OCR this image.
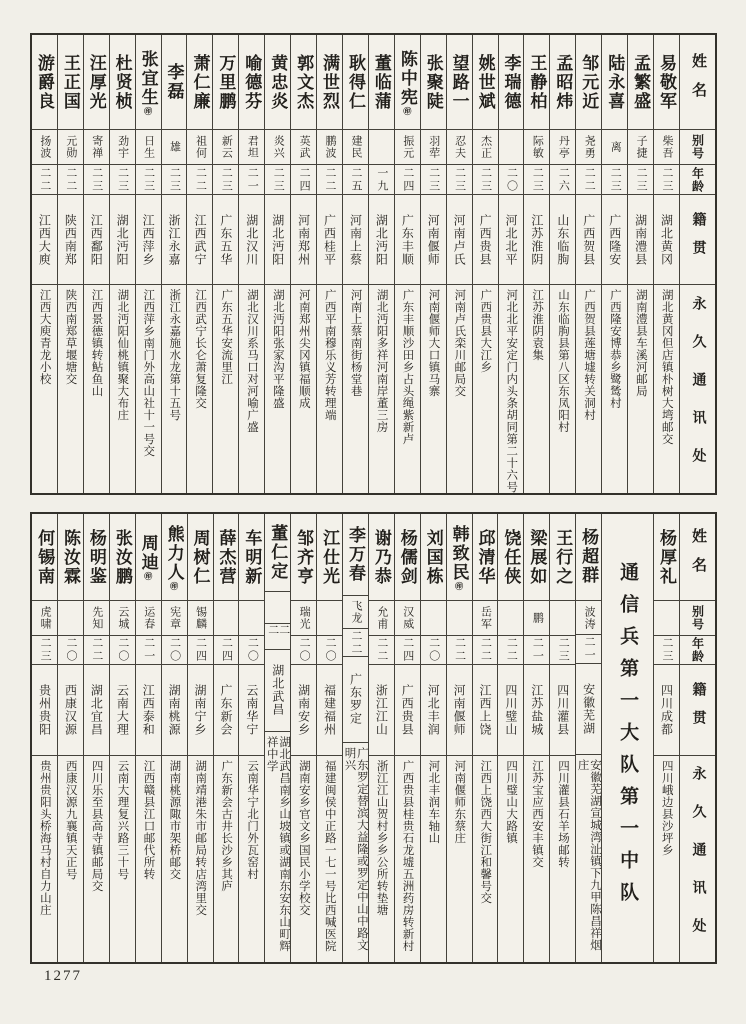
姓名
别号
年龄
籍贯
永久通讯处
易敬军
柴吾
二三
湖北黄冈
湖北黄冈但店镇朴树大塆邮交
孟繁盛
子捷
二三
湖南澧县
湖南澧县车溪河邮局
陆永喜
离
二三
广西隆安
广西隆安博恭乡鹭鸶村
邹元近
尧勇
二二
广西贺县
广西贺县莲塘墟转关洞村
孟昭炜
丹亭
二六
山东临朐
山东临朐县第八区东凤阳村
王静柏
际敏
二三
江苏淮阴
江苏淮阴袁集
李瑞德
二〇
河北北平
河北北平安定门内头条胡同第二十六号
姚世斌
杰正
二三
广西贵县
广西贵县大江乡
望路一
忍夫
二三
河南卢氏
河南卢氏栾川邮局交
张聚陡
羽荦
二三
河南偃师
河南偃师大口镇马寨
陈中宪㊞
振元
二四
广东丰顺
广东丰顺沙田乡占头绳紫新卢
董临蒲
一九
湖北沔阳
湖北沔阳多祥河南岸董三房
耿得仁
建民
二五
河南上蔡
河南上蔡南街杨堂巷
满世烈
鹏波
二二
广西桂平
广西平南穆乐义芳转理端
郭文杰
英武
二四
河南郑州
河南郑州尖冈镇福顺成
黄忠炎
炎兴
二三
湖北沔阳
湖北沔阳张家沟平隆盛
喻德芬
君坦
二一
湖北汉川
湖北汉川系马口对河喻广盛
万里鹏
新云
二三
广东五华
广东五华安流里江
萧仁廉
祖何
二二
江西武宁
江西武宁长仑萧复隆交
李磊
雄
二三
浙江永嘉
浙江永嘉施水龙第十五号
张宜生㊞
日生
二三
江西萍乡
江西萍乡南门外高山社十一号交
杜贤桢
劲宇
二三
湖北沔阳
湖北沔阳仙桃镇聚大布庄
汪厚光
寄禅
二三
江西鄱阳
江西景德镇转鲇鱼山
王正国
元勋
二二
陕西南郑
陕西南郑草堰塘交
游爵良
扬波
二二
江西大庾
江西大庾青龙小校
姓名
别号
年龄
籍贯
永久通讯处
杨厚礼
二三
四川成都
四川峨边县沙坪乡
通信兵第一大队第一中队
杨超群
波涛
二一
安徽芜湖
安徽芜湖宣城湾沚镇下九甲陈昌祥烟庄
王行之
二三
四川灌县
四川灌县石羊场邮转
梁展如
鹏
二一
江苏盐城
江苏宝应西安丰镇交
饶任侠
二二
四川璧山
四川璧山大路镇
邱清华
岳军
二二
江西上饶
江西上饶西大街江和馨号交
韩致民㊞
二二
河南偃师
河南偃师东蔡庄
刘国栋
二〇
河北丰润
河北丰润车轴山
杨儒剑
汉威
二四
广西贵县
广西贵县桂贵石龙墟五洲药房转新村
谢乃恭
允甫
二二
浙江江山
浙江江山贺村乡乡公所转垫塘
李万春
飞龙
二二
广东罗定
广东罗定替滨大益隆或罗定中山中路文明兴
江仕光
二〇
福建福州
福建闽侯中正路一七一号比西喊医院
邹齐亨
瑞光
二〇
湖南安乡
湖南安乡官文乡国民小学校交
董仁定
二二
湖北武昌
湖北武昌南乡山坡镇或湖南东安东山町辉祥中学
车明新
二〇
云南华宁
云南华宁北门外瓦窑村
薛杰营
二四
广东新会
广东新会古井长沙乡其庐
周树仁
锡麟
二四
湖南宁乡
湖南靖港朱市邮局转店湾里交
熊力人㊞
宪章
二〇
湖南桃源
湖南桃源陬市架桥邮交
周迪㊞
运春
二一
江西泰和
江西赣县江口邮代所转
张汝鹏
云城
二〇
云南大理
云南大理复兴路三十号
杨明鉴
先知
二二
湖北宜昌
四川乐至县高寺镇邮局交
陈汝霖
二〇
西康汉源
西康汉源九襄镇天正号
何锡南
虎啸
二三
贵州贵阳
贵州贵阳头桥海马村自力山庄
1277
